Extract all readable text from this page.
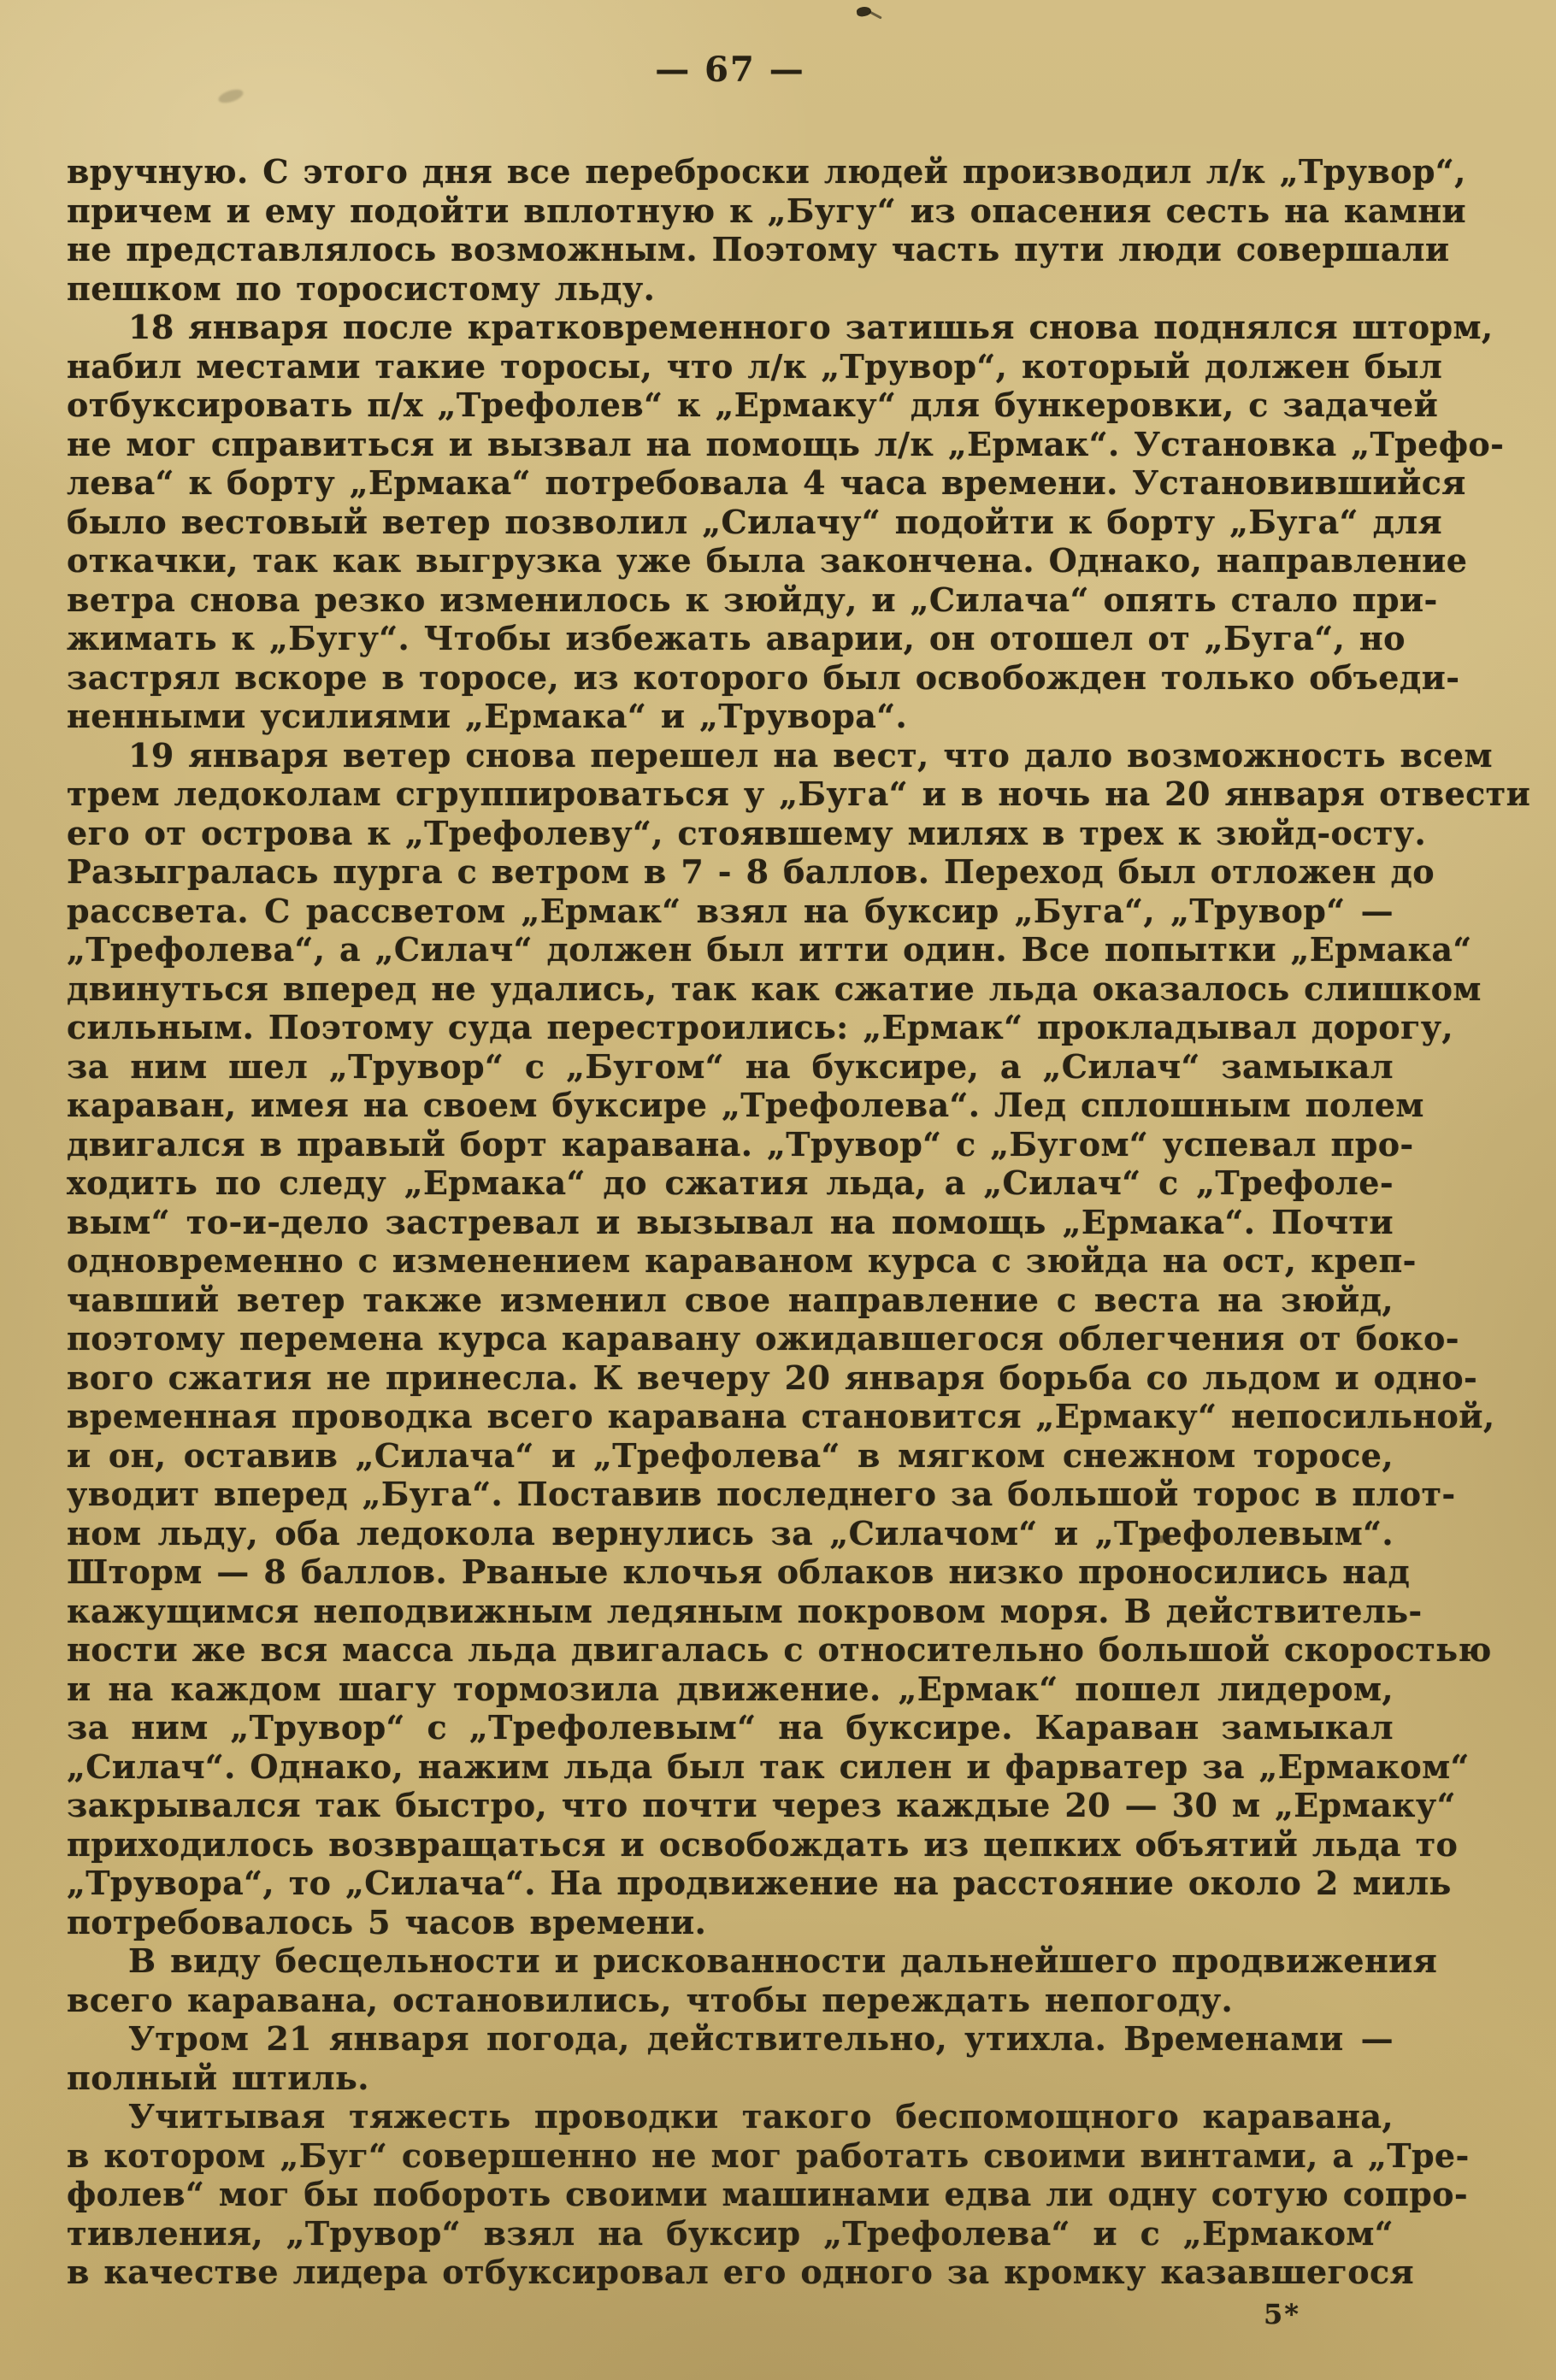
— 67 —
вручную. С этого дня все переброски людей производил л/к „Трувор“,
причем и ему подойти вплотную к „Бугу“ из опасения сесть на камни
не представлялось возможным. Поэтому часть пути люди совершали
пешком по торосистому льду.
18 января после кратковременного затишья снова поднялся шторм,
набил местами такие торосы, что л/к „Трувор“, который должен был
отбуксировать п/х „Трефолев“ к „Ермаку“ для бункеровки, с задачей
не мог справиться и вызвал на помощь л/к „Ермак“. Установка „Трефо-
лева“ к борту „Ермака“ потребовала 4 часа времени. Установившийся
было вестовый ветер позволил „Силачу“ подойти к борту „Буга“ для
откачки, так как выгрузка уже была закончена. Однако, направление
ветра снова резко изменилось к зюйду, и „Силача“ опять стало при-
жимать к „Бугу“. Чтобы избежать аварии, он отошел от „Буга“, но
застрял вскоре в торосе, из которого был освобожден только объеди-
ненными усилиями „Ермака“ и „Трувора“.
19 января ветер снова перешел на вест, что дало возможность всем
трем ледоколам сгруппироваться у „Буга“ и в ночь на 20 января отвести
его от острова к „Трефолеву“, стоявшему милях в трех к зюйд-осту.
Разыгралась пурга с ветром в 7 - 8 баллов. Переход был отложен до
рассвета. С рассветом „Ермак“ взял на буксир „Буга“, „Трувор“ —
„Трефолева“, а „Силач“ должен был итти один. Все попытки „Ермака“
двинуться вперед не удались, так как сжатие льда оказалось слишком
сильным. Поэтому суда перестроились: „Ермак“ прокладывал дорогу,
за ним шел „Трувор“ с „Бугом“ на буксире, а „Силач“ замыкал
караван, имея на своем буксире „Трефолева“. Лед сплошным полем
двигался в правый борт каравана. „Трувор“ с „Бугом“ успевал про-
ходить по следу „Ермака“ до сжатия льда, а „Силач“ с „Трефоле-
вым“ то-и-дело застревал и вызывал на помощь „Ермака“. Почти
одновременно с изменением караваном курса с зюйда на ост, креп-
чавший ветер также изменил свое направление с веста на зюйд,
поэтому перемена курса каравану ожидавшегося облегчения от боко-
вого сжатия не принесла. К вечеру 20 января борьба со льдом и одно-
временная проводка всего каравана становится „Ермаку“ непосильной,
и он, оставив „Силача“ и „Трефолева“ в мягком снежном торосе,
уводит вперед „Буга“. Поставив последнего за большой торос в плот-
ном льду, оба ледокола вернулись за „Силачом“ и „Трефолевым“.
Шторм — 8 баллов. Рваные клочья облаков низко проносились над
кажущимся неподвижным ледяным покровом моря. В действитель-
ности же вся масса льда двигалась с относительно большой скоростью
и на каждом шагу тормозила движение. „Ермак“ пошел лидером,
за ним „Трувор“ с „Трефолевым“ на буксире. Караван замыкал
„Силач“. Однако, нажим льда был так силен и фарватер за „Ермаком“
закрывался так быстро, что почти через каждые 20 — 30 м „Ермаку“
приходилось возвращаться и освобождать из цепких объятий льда то
„Трувора“, то „Силача“. На продвижение на расстояние около 2 миль
потребовалось 5 часов времени.
В виду бесцельности и рискованности дальнейшего продвижения
всего каравана, остановились, чтобы переждать непогоду.
Утром 21 января погода, действительно, утихла. Временами —
полный штиль.
Учитывая тяжесть проводки такого беспомощного каравана,
в котором „Буг“ совершенно не мог работать своими винтами, а „Тре-
фолев“ мог бы побороть своими машинами едва ли одну сотую сопро-
тивления, „Трувор“ взял на буксир „Трефолева“ и с „Ермаком“
в качестве лидера отбуксировал его одного за кромку казавшегося
5*
